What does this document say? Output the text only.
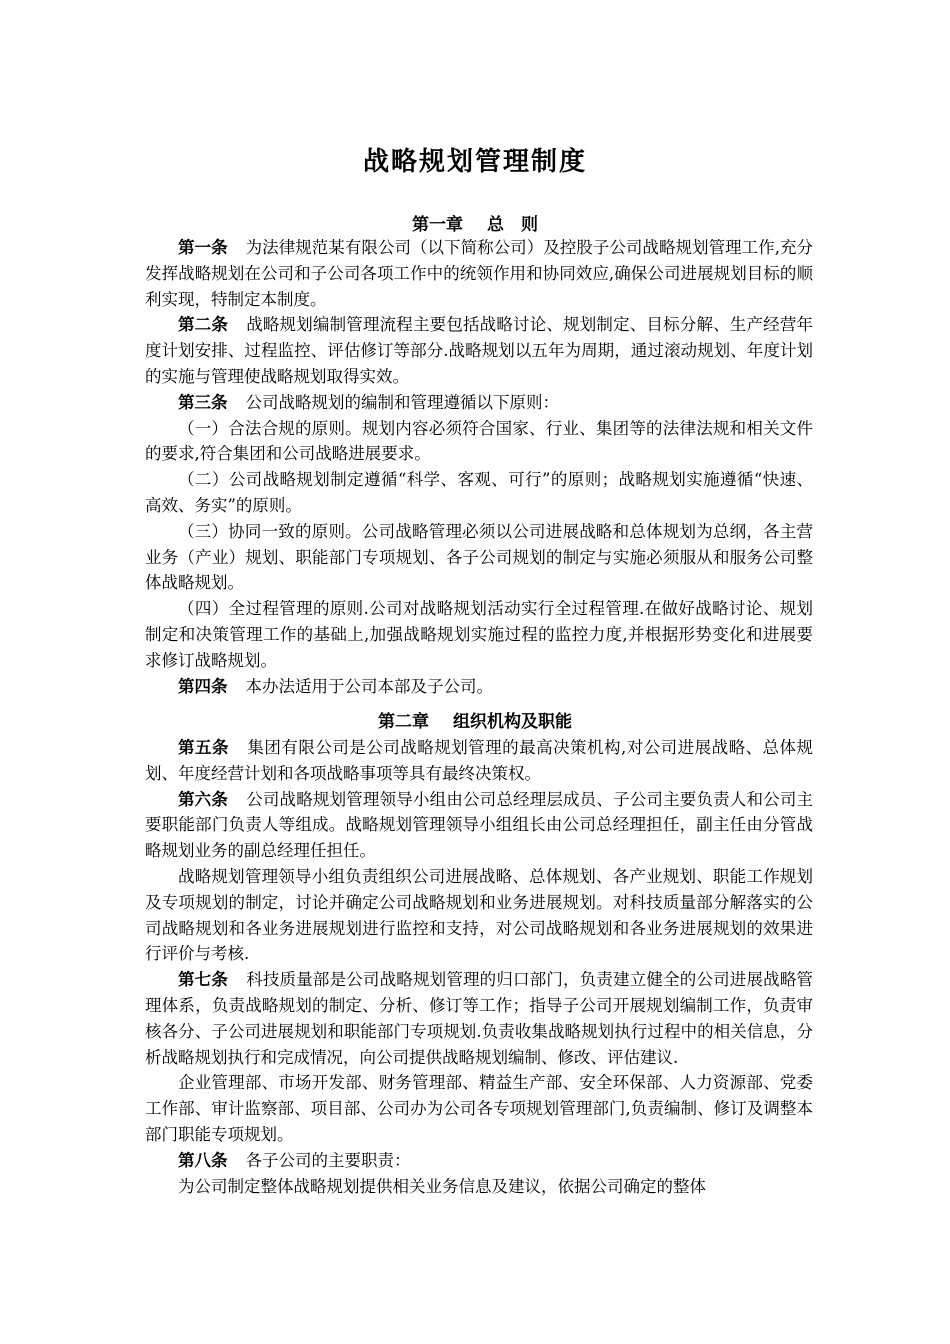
战略规划管理制度
第一章 总　则

第一条 为法律规范某有限公司（以下简称公司）及控股子公司战略规划管理工作,充分发挥战略规划在公司和子公司各项工作中的统领作用和协同效应,确保公司进展规划目标的顺利实现，特制定本制度。

第二条 战略规划编制管理流程主要包括战略讨论、规划制定、目标分解、生产经营年度计划安排、过程监控、评估修订等部分.战略规划以五年为周期，通过滚动规划、年度计划的实施与管理使战略规划取得实效。

第三条 公司战略规划的编制和管理遵循以下原则：

（一）合法合规的原则。规划内容必须符合国家、行业、集团等的法律法规和相关文件的要求,符合集团和公司战略进展要求。

（二）公司战略规划制定遵循“科学、客观、可行”的原则；战略规划实施遵循“快速、高效、务实”的原则。

（三）协同一致的原则。公司战略管理必须以公司进展战略和总体规划为总纲，各主营业务（产业）规划、职能部门专项规划、各子公司规划的制定与实施必须服从和服务公司整体战略规划。

（四）全过程管理的原则.公司对战略规划活动实行全过程管理.在做好战略讨论、规划制定和决策管理工作的基础上,加强战略规划实施过程的监控力度,并根据形势变化和进展要求修订战略规划。

第四条 本办法适用于公司本部及子公司。

第二章 组织机构及职能

第五条 集团有限公司是公司战略规划管理的最高决策机构,对公司进展战略、总体规划、年度经营计划和各项战略事项等具有最终决策权。

第六条 公司战略规划管理领导小组由公司总经理层成员、子公司主要负责人和公司主要职能部门负责人等组成。战略规划管理领导小组组长由公司总经理担任，副主任由分管战略规划业务的副总经理任担任。

战略规划管理领导小组负责组织公司进展战略、总体规划、各产业规划、职能工作规划及专项规划的制定，讨论并确定公司战略规划和业务进展规划。对科技质量部分解落实的公司战略规划和各业务进展规划进行监控和支持，对公司战略规划和各业务进展规划的效果进行评价与考核.

第七条 科技质量部是公司战略规划管理的归口部门，负责建立健全的公司进展战略管理体系，负责战略规划的制定、分析、修订等工作；指导子公司开展规划编制工作，负责审核各分、子公司进展规划和职能部门专项规划.负责收集战略规划执行过程中的相关信息，分析战略规划执行和完成情况，向公司提供战略规划编制、修改、评估建议.

企业管理部、市场开发部、财务管理部、精益生产部、安全环保部、人力资源部、党委工作部、审计监察部、项目部、公司办为公司各专项规划管理部门,负责编制、修订及调整本部门职能专项规划。

第八条 各子公司的主要职责：

为公司制定整体战略规划提供相关业务信息及建议，依据公司确定的整体
